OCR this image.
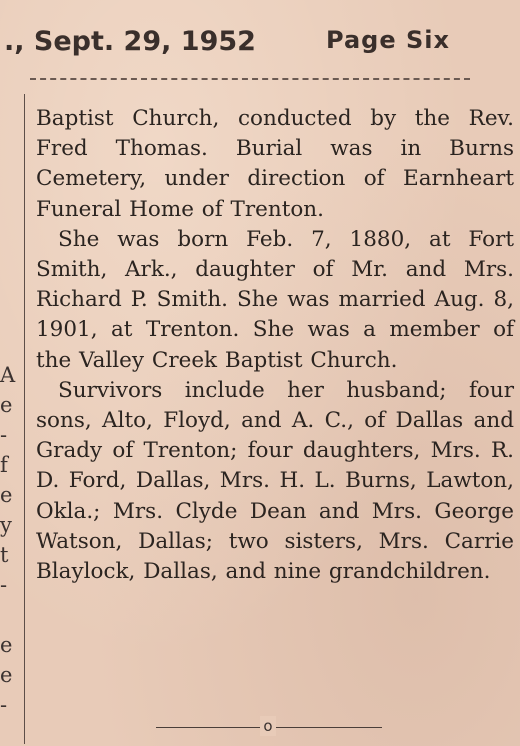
., Sept. 29, 1952	Page Six
A
e
-
f
e
y
t
-
e
e
-

Baptist Church, conducted by the Rev. Fred Thomas. Burial was in Burns Cemetery, under direction of Earnheart Funeral Home of Trenton.

She was born Feb. 7, 1880, at Fort Smith, Ark., daughter of Mr. and Mrs. Richard P. Smith. She was married Aug. 8, 1901, at Trenton. She was a member of the Valley Creek Baptist Church.

Survivors include her husband; four sons, Alto, Floyd, and A. C., of Dallas and Grady of Trenton; four daughters, Mrs. R. D. Ford, Dallas, Mrs. H. L. Burns, Lawton, Okla.; Mrs. Clyde Dean and Mrs. George Watson, Dallas; two sisters, Mrs. Carrie Blaylock, Dallas, and nine grandchildren.

o
